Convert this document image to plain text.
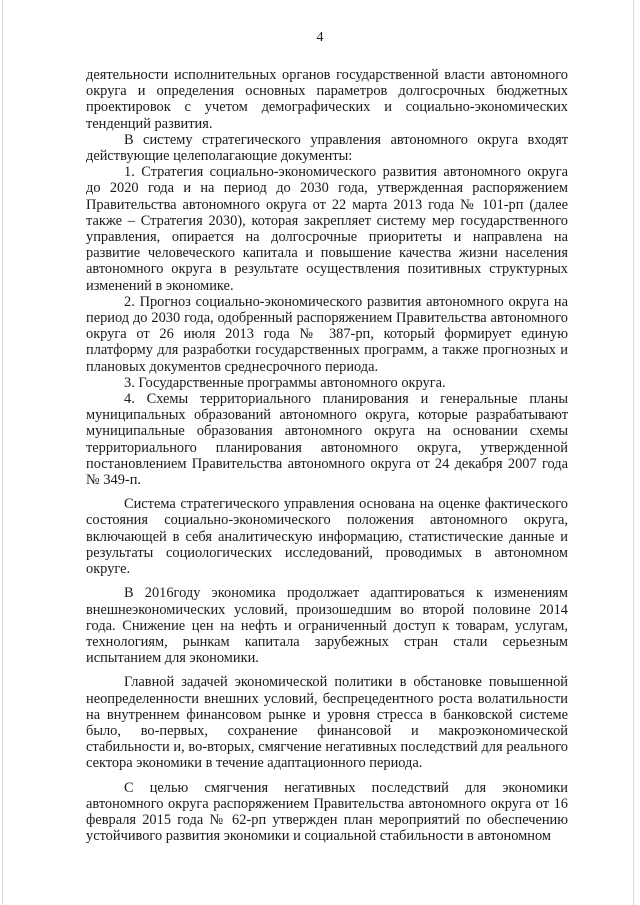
4

деятельности исполнительных органов государственной власти автономного округа и определения основных параметров долгосрочных бюджетных проектировок с учетом демографических и социально-экономических тенденций развития.

В систему стратегического управления автономного округа входят действующие целеполагающие документы:

1. Стратегия социально-экономического развития автономного округа до 2020 года и на период до 2030 года, утвержденная распоряжением Правительства автономного округа от 22 марта 2013 года № 101-рп (далее также – Стратегия 2030), которая закрепляет систему мер государственного управления, опирается на долгосрочные приоритеты и направлена на развитие человеческого капитала и повышение качества жизни населения автономного округа в результате осуществления позитивных структурных изменений в экономике.

2. Прогноз социально-экономического развития автономного округа на период до 2030 года, одобренный распоряжением Правительства автономного округа от 26 июля 2013 года № 387-рп, который формирует единую платформу для разработки государственных программ, а также прогнозных и плановых документов среднесрочного периода.

3. Государственные программы автономного округа.

4. Схемы территориального планирования и генеральные планы муниципальных образований автономного округа, которые разрабатывают муниципальные образования автономного округа на основании схемы территориального планирования автономного округа, утвержденной постановлением Правительства автономного округа от 24 декабря 2007 года № 349-п.

Система стратегического управления основана на оценке фактического состояния социально-экономического положения автономного округа, включающей в себя аналитическую информацию, статистические данные и результаты социологических исследований, проводимых в автономном округе.

В 2016году экономика продолжает адаптироваться к изменениям внешнеэкономических условий, произошедшим во второй половине 2014 года. Снижение цен на нефть и ограниченный доступ к товарам, услугам, технологиям, рынкам капитала зарубежных стран стали серьезным испытанием для экономики.

Главной задачей экономической политики в обстановке повышенной неопределенности внешних условий, беспрецедентного роста волатильности на внутреннем финансовом рынке и уровня стресса в банковской системе было, во-первых, сохранение финансовой и макроэкономической стабильности и, во-вторых, смягчение негативных последствий для реального сектора экономики в течение адаптационного периода.

С целью смягчения негативных последствий для экономики автономного округа распоряжением Правительства автономного округа от 16 февраля 2015 года № 62-рп утвержден план мероприятий по обеспечению устойчивого развития экономики и социальной стабильности в автономном
